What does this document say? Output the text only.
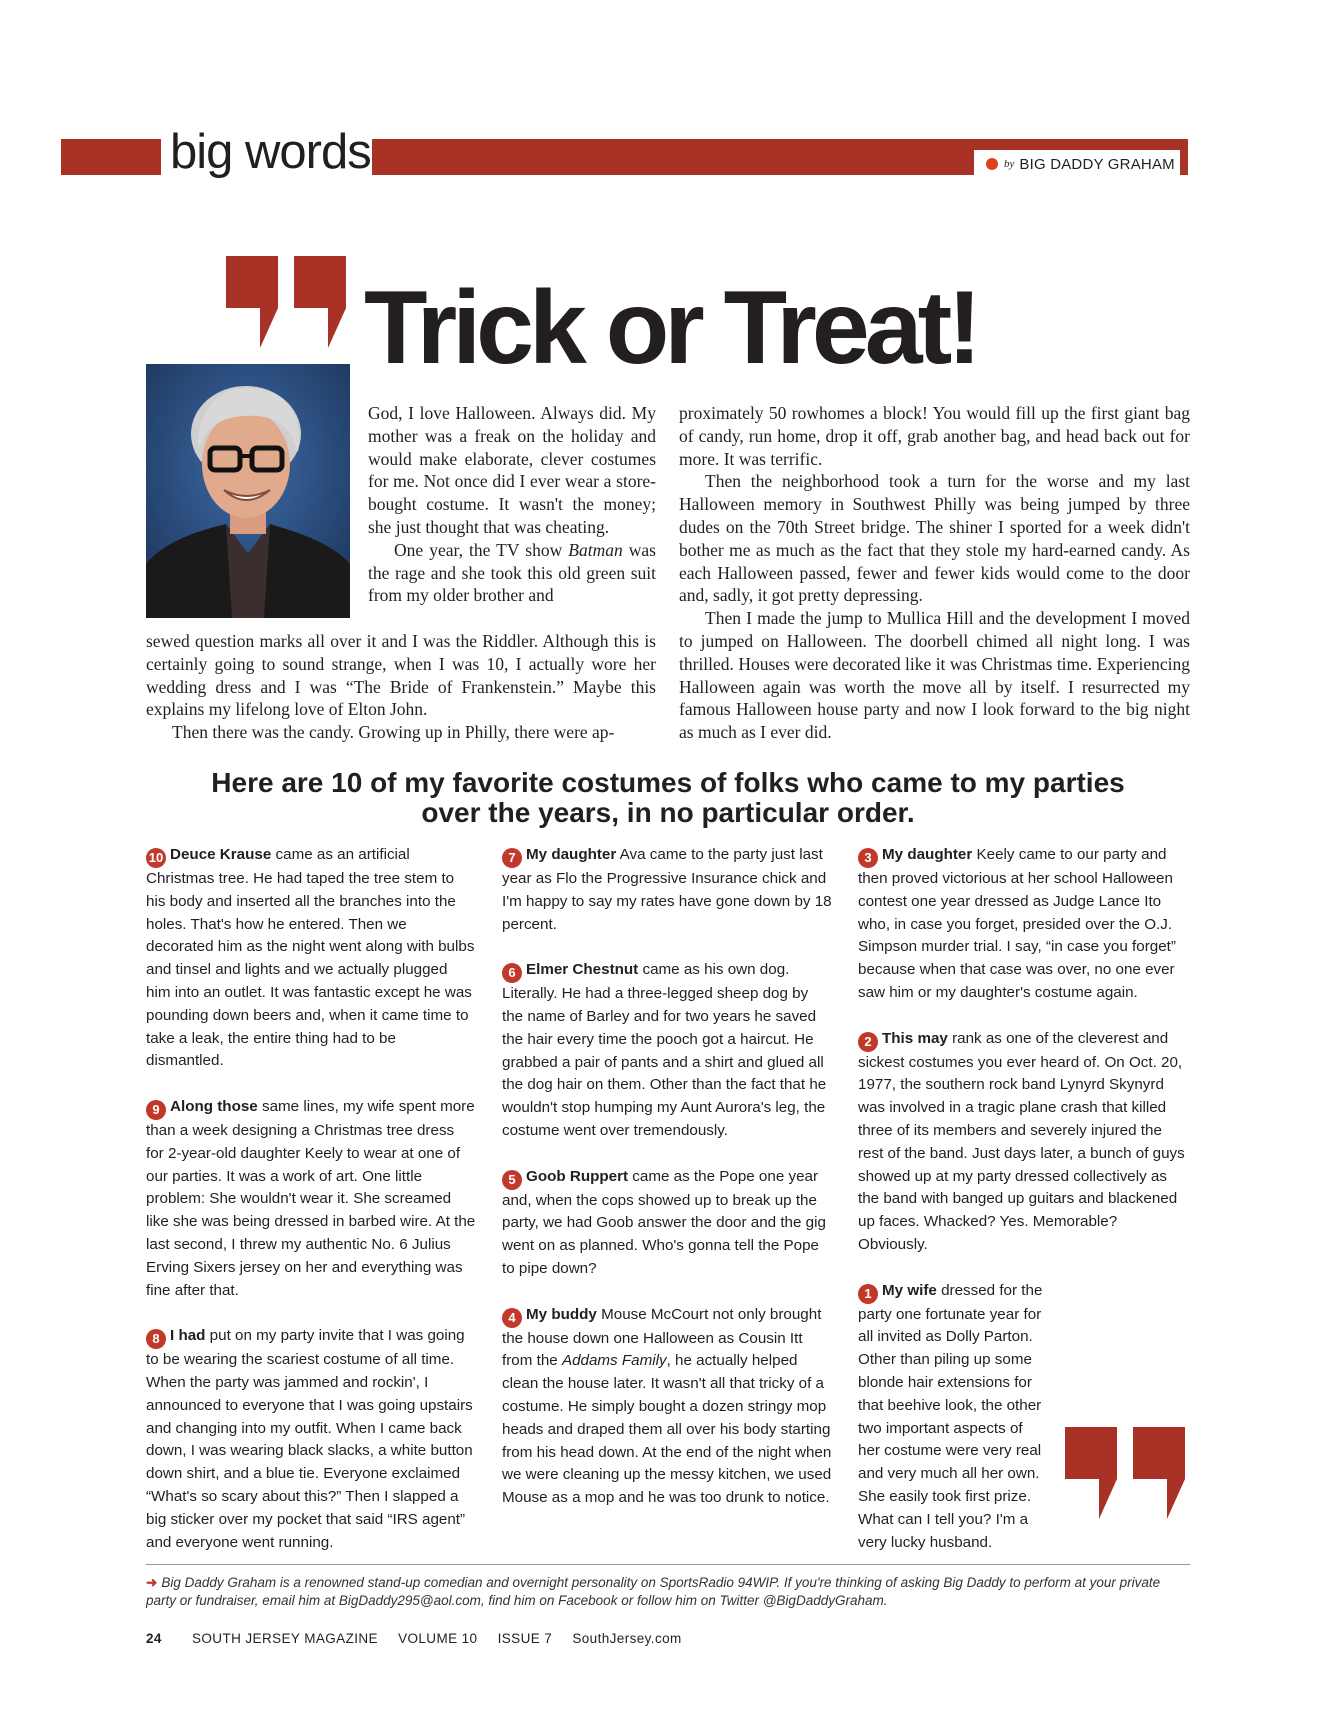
big words	by BIG DADDY GRAHAM
Trick or Treat!

God, I love Halloween. Always did. My mother was a freak on the holiday and would make elaborate, clever costumes for me. Not once did I ever wear a store-bought costume. It wasn't the money; she just thought that was cheating.

One year, the TV show Batman was the rage and she took this old green suit from my older brother and

sewed question marks all over it and I was the Riddler. Although this is certainly going to sound strange, when I was 10, I actually wore her wedding dress and I was “The Bride of Frankenstein.” Maybe this explains my lifelong love of Elton John.

Then there was the candy. Growing up in Philly, there were ap-

proximately 50 rowhomes a block! You would fill up the first giant bag of candy, run home, drop it off, grab another bag, and head back out for more. It was terrific.

Then the neighborhood took a turn for the worse and my last Halloween memory in Southwest Philly was being jumped by three dudes on the 70th Street bridge. The shiner I sported for a week didn't bother me as much as the fact that they stole my hard-earned candy. As each Halloween passed, fewer and fewer kids would come to the door and, sadly, it got pretty depressing.

Then I made the jump to Mullica Hill and the development I moved to jumped on Halloween. The doorbell chimed all night long. I was thrilled. Houses were decorated like it was Christmas time. Experiencing Halloween again was worth the move all by itself. I resurrected my famous Halloween house party and now I look forward to the big night as much as I ever did.

Here are 10 of my favorite costumes of folks who came to my parties
over the years, in no particular order.
10 Deuce Krause came as an artificial Christmas tree. He had taped the tree stem to his body and inserted all the branches into the holes. That's how he entered. Then we decorated him as the night went along with bulbs and tinsel and lights and we actually plugged him into an outlet. It was fantastic except he was pounding down beers and, when it came time to take a leak, the entire thing had to be dismantled.
9 Along those same lines, my wife spent more than a week designing a Christmas tree dress for 2-year-old daughter Keely to wear at one of our parties. It was a work of art. One little problem: She wouldn't wear it. She screamed like she was being dressed in barbed wire. At the last second, I threw my authentic No. 6 Julius Erving Sixers jersey on her and everything was fine after that.
8 I had put on my party invite that I was going to be wearing the scariest costume of all time. When the party was jammed and rockin', I announced to everyone that I was going upstairs and changing into my outfit. When I came back down, I was wearing black slacks, a white button down shirt, and a blue tie. Everyone exclaimed “What's so scary about this?” Then I slapped a big sticker over my pocket that said “IRS agent” and everyone went running.
7 My daughter Ava came to the party just last year as Flo the Progressive Insurance chick and I'm happy to say my rates have gone down by 18 percent.
6 Elmer Chestnut came as his own dog. Literally. He had a three-legged sheep dog by the name of Barley and for two years he saved the hair every time the pooch got a haircut. He grabbed a pair of pants and a shirt and glued all the dog hair on them. Other than the fact that he wouldn't stop humping my Aunt Aurora's leg, the costume went over tremendously.
5 Goob Ruppert came as the Pope one year and, when the cops showed up to break up the party, we had Goob answer the door and the gig went on as planned. Who's gonna tell the Pope to pipe down?
4 My buddy Mouse McCourt not only brought the house down one Halloween as Cousin Itt from the Addams Family, he actually helped clean the house later. It wasn't all that tricky of a costume. He simply bought a dozen stringy mop heads and draped them all over his body starting from his head down. At the end of the night when we were cleaning up the messy kitchen, we used Mouse as a mop and he was too drunk to notice.
3 My daughter Keely came to our party and then proved victorious at her school Halloween contest one year dressed as Judge Lance Ito who, in case you forget, presided over the O.J. Simpson murder trial. I say, “in case you forget” because when that case was over, no one ever saw him or my daughter's costume again.
2 This may rank as one of the cleverest and sickest costumes you ever heard of. On Oct. 20, 1977, the southern rock band Lynyrd Skynyrd was involved in a tragic plane crash that killed three of its members and severely injured the rest of the band. Just days later, a bunch of guys showed up at my party dressed collectively as the band with banged up guitars and blackened up faces. Whacked? Yes. Memorable? Obviously.
1 My wife dressed for the party one fortunate year for all invited as Dolly Parton. Other than piling up some blonde hair extensions for that beehive look, the other two important aspects of her costume were very real and very much all her own. She easily took first prize. What can I tell you? I'm a very lucky husband.
➜ Big Daddy Graham is a renowned stand-up comedian and overnight personality on SportsRadio 94WIP. If you're thinking of asking Big Daddy to perform at your private party or fundraiser, email him at BigDaddy295@aol.com, find him on Facebook or follow him on Twitter @BigDaddyGraham.
24 SOUTH JERSEY MAGAZINE VOLUME 10 ISSUE 7 SouthJersey.com
